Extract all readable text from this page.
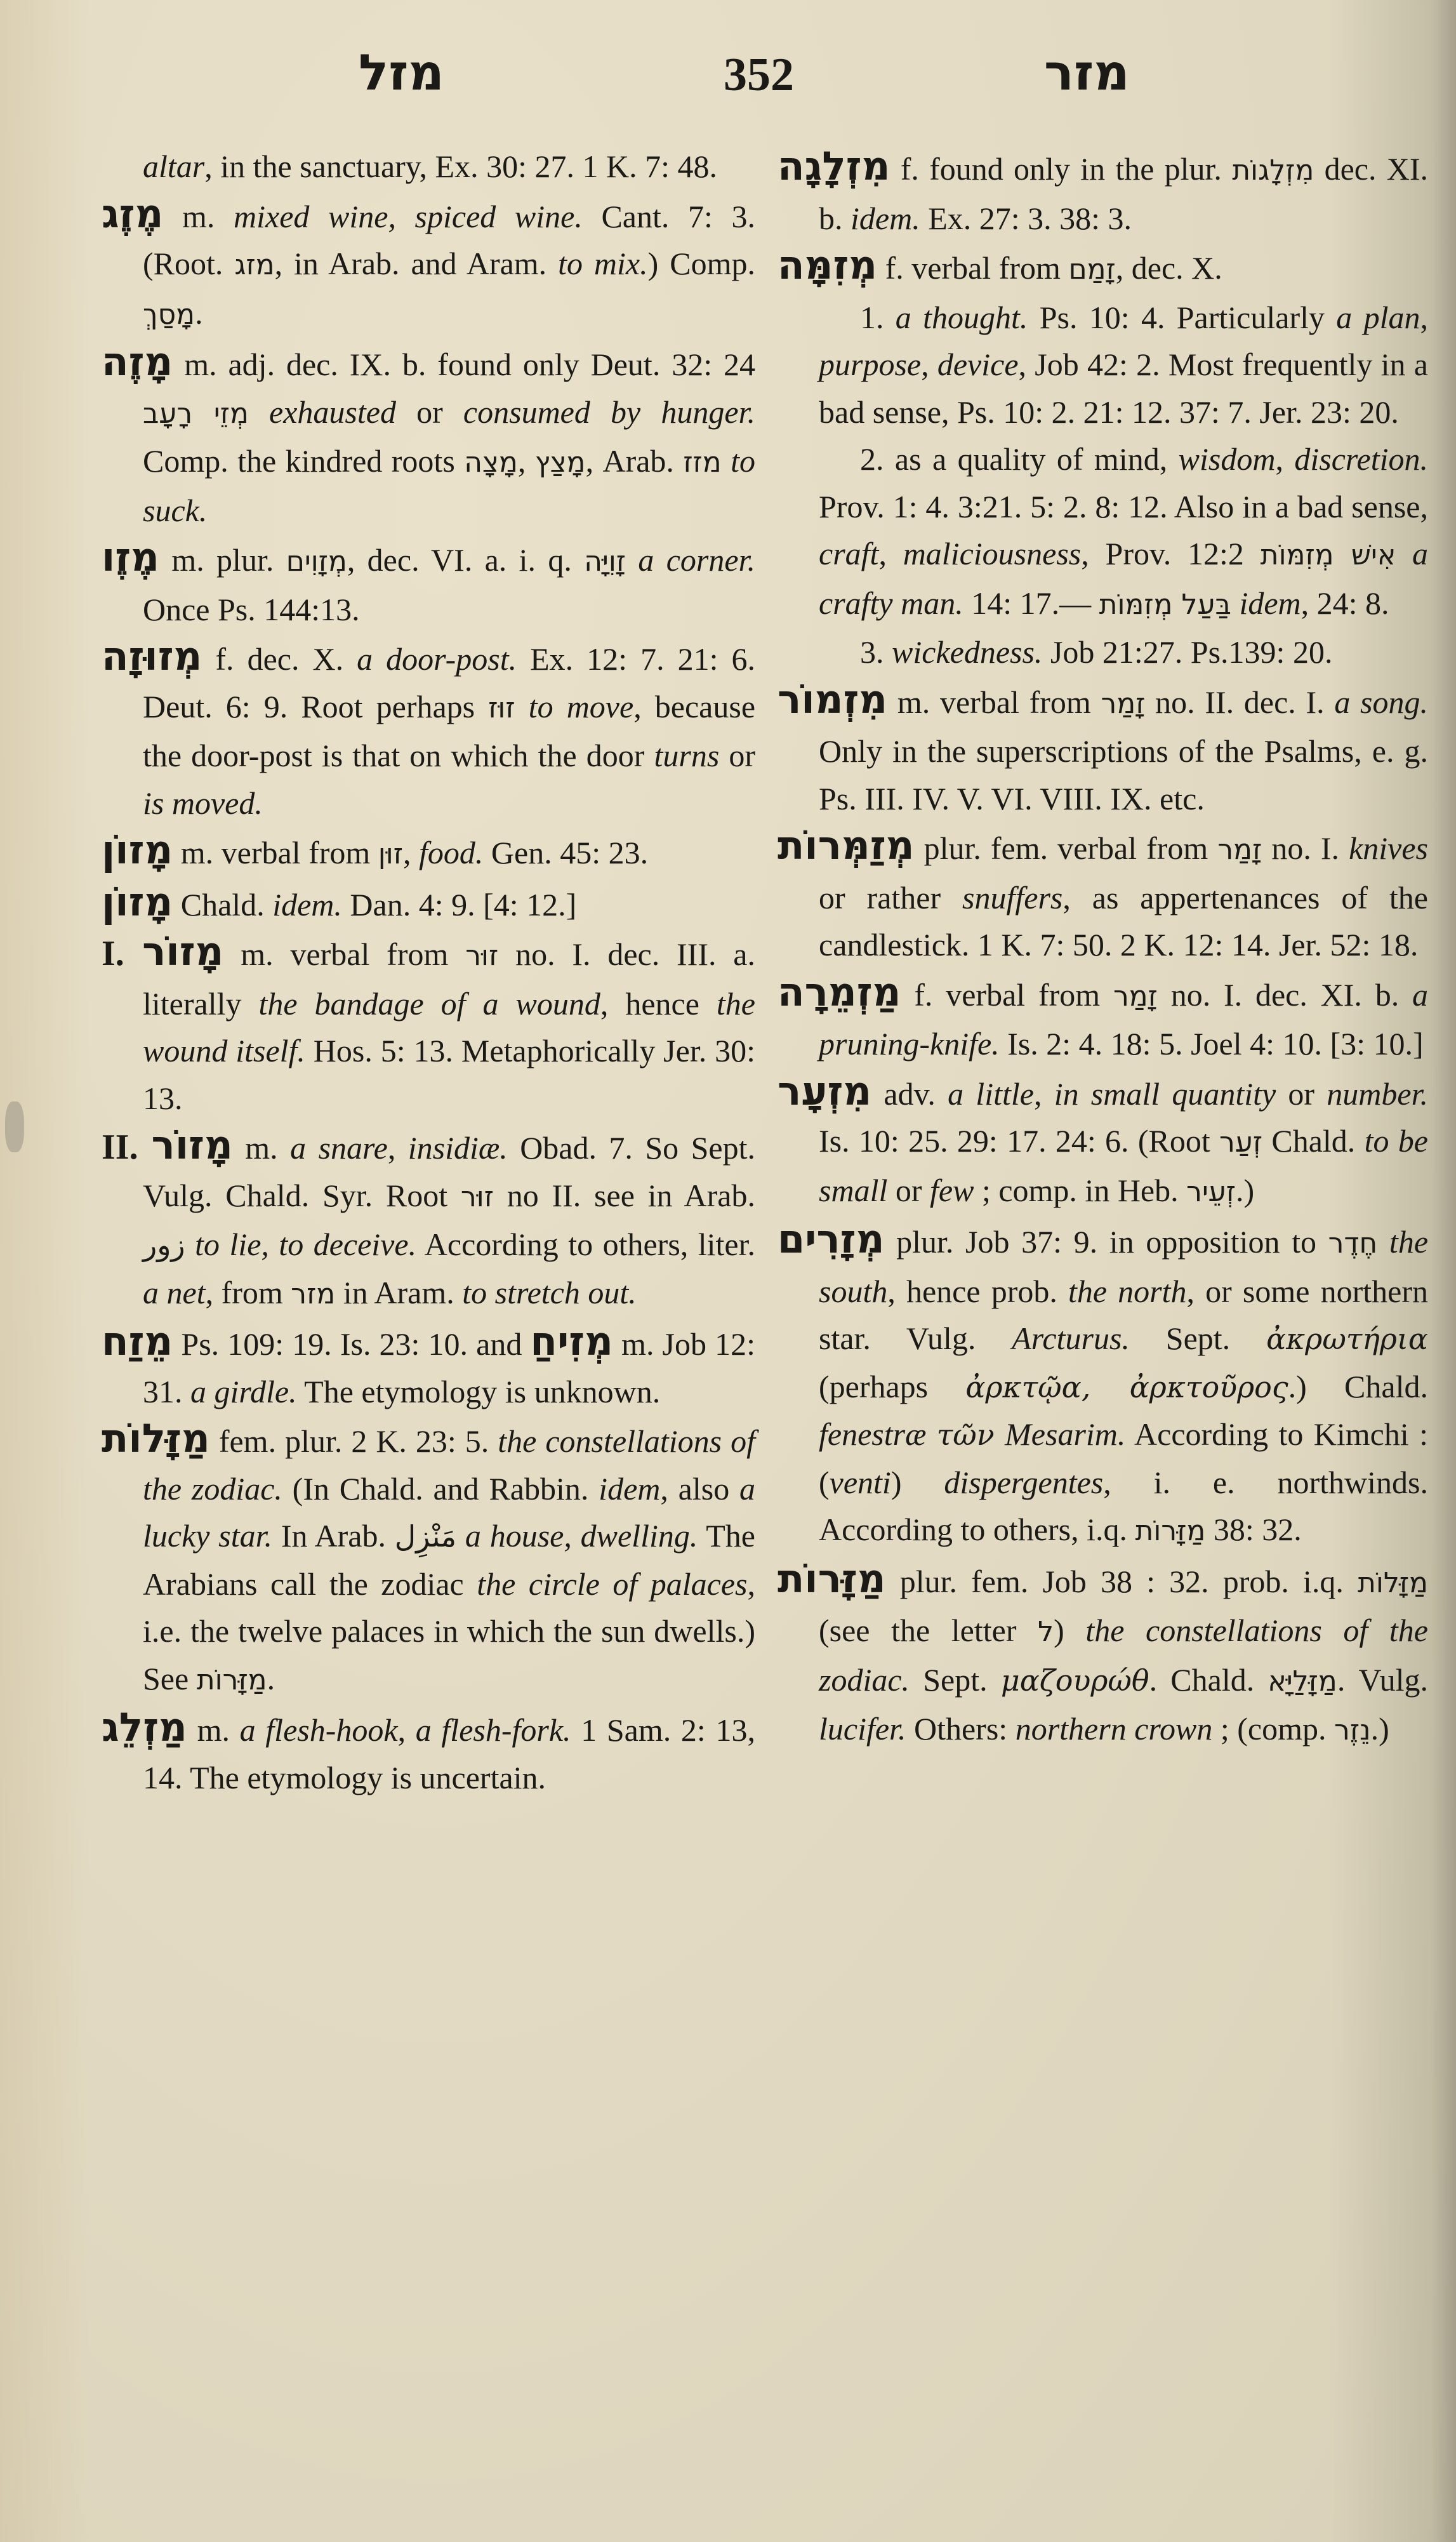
מזל	352	מזר

altar, in the sanctuary, Ex. 30: 27. 1 K. 7: 48.

מֶזֶג m. mixed wine, spiced wine. Cant. 7: 3. (Root. מזג, in Arab. and Aram. to mix.) Comp. מָסַךְ.

מָזֶה m. adj. dec. IX. b. found only Deut. 32: 24 מְזֵי רָעָב exhausted or consumed by hunger. Comp. the kindred roots מָצָה, מָצַץ, Arab. מזז to suck.

מֶזֶו m. plur. מְזָוִים, dec. VI. a. i. q. זָוִיָּה a corner. Once Ps. 144:13.

מְזוּזָה f. dec. X. a door-post. Ex. 12: 7. 21: 6. Deut. 6: 9. Root perhaps זוּז to move, because the door-post is that on which the door turns or is moved.

מָזוֹן m. verbal from זוּן, food. Gen. 45: 23.

מָזוֹן Chald. idem. Dan. 4: 9. [4: 12.]

I. מָזוֹר m. verbal from זוּר no. I. dec. III. a. literally the bandage of a wound, hence the wound itself. Hos. 5: 13. Metaphorically Jer. 30: 13.

II. מָזוֹר m. a snare, insidiæ. Obad. 7. So Sept. Vulg. Chald. Syr. Root זוּר no II. see in Arab. زور to lie, to deceive. According to others, liter. a net, from מזר in Aram. to stretch out.

מֵזַח Ps. 109: 19. Is. 23: 10. and מְזִיחַ m. Job 12: 31. a girdle. The etymology is unknown.

מַזָּלוֹת fem. plur. 2 K. 23: 5. the constellations of the zodiac. (In Chald. and Rabbin. idem, also a lucky star. In Arab. مَنْزِل a house, dwelling. The Arabians call the zodiac the circle of palaces, i.e. the twelve palaces in which the sun dwells.) See מַזָּרוֹת.

מַזְלֵג m. a flesh-hook, a flesh-fork. 1 Sam. 2: 13, 14. The etymology is uncertain.

מִזְלָגָה f. found only in the plur. מִזְלָגוֹת dec. XI. b. idem. Ex. 27: 3. 38: 3.

מְזִמָּה f. verbal from זָמַם, dec. X.

1. a thought. Ps. 10: 4. Particularly a plan, purpose, device, Job 42: 2. Most frequently in a bad sense, Ps. 10: 2. 21: 12. 37: 7. Jer. 23: 20.

2. as a quality of mind, wisdom, discretion. Prov. 1: 4. 3:21. 5: 2. 8: 12. Also in a bad sense, craft, maliciousness, Prov. 12:2 אִישׁ מְזִמּוֹת a crafty man. 14: 17.— בַּעַל מְזִמּוֹת idem, 24: 8.

3. wickedness. Job 21:27. Ps.139: 20.

מִזְמוֹר m. verbal from זָמַר no. II. dec. I. a song. Only in the superscriptions of the Psalms, e. g. Ps. III. IV. V. VI. VIII. IX. etc.

מְזַמְּרוֹת plur. fem. verbal from זָמַר no. I. knives or rather snuffers, as appertenances of the candlestick. 1 K. 7: 50. 2 K. 12: 14. Jer. 52: 18.

מַזְמֵרָה f. verbal from זָמַר no. I. dec. XI. b. a pruning-knife. Is. 2: 4. 18: 5. Joel 4: 10. [3: 10.]

מִזְעָר adv. a little, in small quantity or number. Is. 10: 25. 29: 17. 24: 6. (Root זְעַר Chald. to be small or few ; comp. in Heb. זְעֵיר.)

מְזָרִים plur. Job 37: 9. in opposition to חֶדֶר the south, hence prob. the north, or some northern star. Vulg. Arcturus. Sept. ἀκρωτήρια (perhaps ἀρκτῷα, ἀρκτοῦρος.) Chald. fenestræ τῶν Mesarim. According to Kimchi : (venti) dispergentes, i. e. northwinds. According to others, i.q. מַזָּרוֹת 38: 32.

מַזָּרוֹת plur. fem. Job 38 : 32. prob. i.q. מַזָּלוֹת (see the letter ל) the constellations of the zodiac. Sept. μαζουρώθ. Chald. מַזָּלַיָּא. Vulg. lucifer. Others: northern crown ; (comp. נֵזֶר.)
